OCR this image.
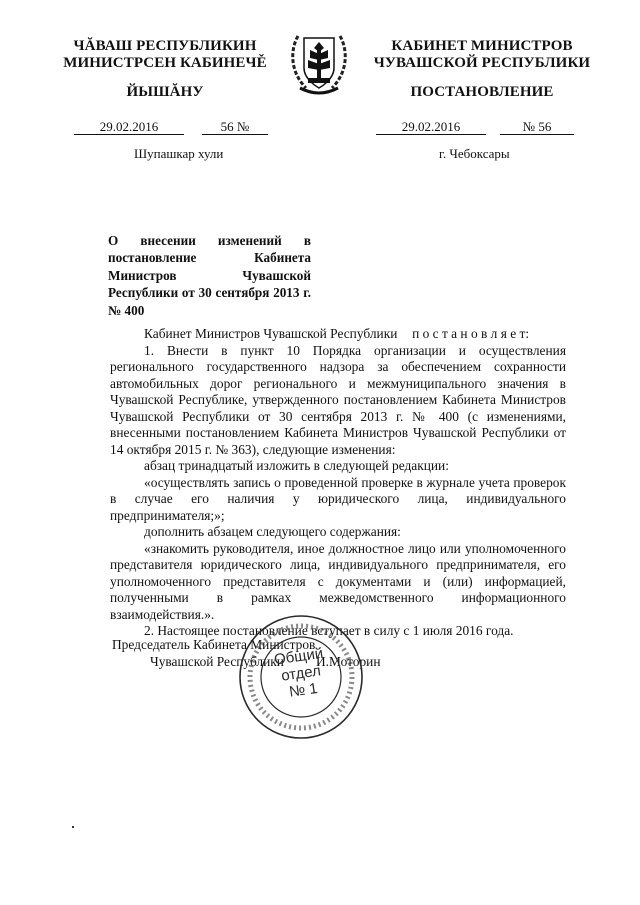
ЧĂВАШ РЕСПУБЛИКИН
МИНИСТРСЕН КАБИНЕЧĚ
ЙЫШĂНУ
КАБИНЕТ МИНИСТРОВ
ЧУВАШСКОЙ РЕСПУБЛИКИ
ПОСТАНОВЛЕНИЕ
29.02.2016	56 №	29.02.2016	№ 56
Шупашкар хули	г. Чебоксары
О внесении изменений в постановление Кабинета Министров Чувашской Республики от 30 сентября 2013 г. № 400

Кабинет Министров Чувашской Республики п о с т а н о в л я е т:

1. Внести в пункт 10 Порядка организации и осуществления регионального государственного надзора за обеспечением сохранности автомобильных дорог регионального и межмуниципального значения в Чувашской Республике, утвержденного постановлением Кабинета Министров Чувашской Республики от 30 сентября 2013 г. № 400 (с изменениями, внесенными постановлением Кабинета Министров Чувашской Республики от 14 октября 2015 г. № 363), следующие изменения:

абзац тринадцатый изложить в следующей редакции:

«осуществлять запись о проведенной проверке в журнале учета проверок в случае его наличия у юридического лица, индивидуального предпринимателя;»;

дополнить абзацем следующего содержания:

«знакомить руководителя, иное должностное лицо или уполномоченного представителя юридического лица, индивидуального предпринимателя, его уполномоченного представителя с документами и (или) информацией, полученными в рамках межведомственного информационного взаимодействия.».

2. Настоящее постановление вступает в силу с 1 июля 2016 года.

Председатель Кабинета Министров
Чувашской Республики И.Моторин
Общий
отдел
№ 1
